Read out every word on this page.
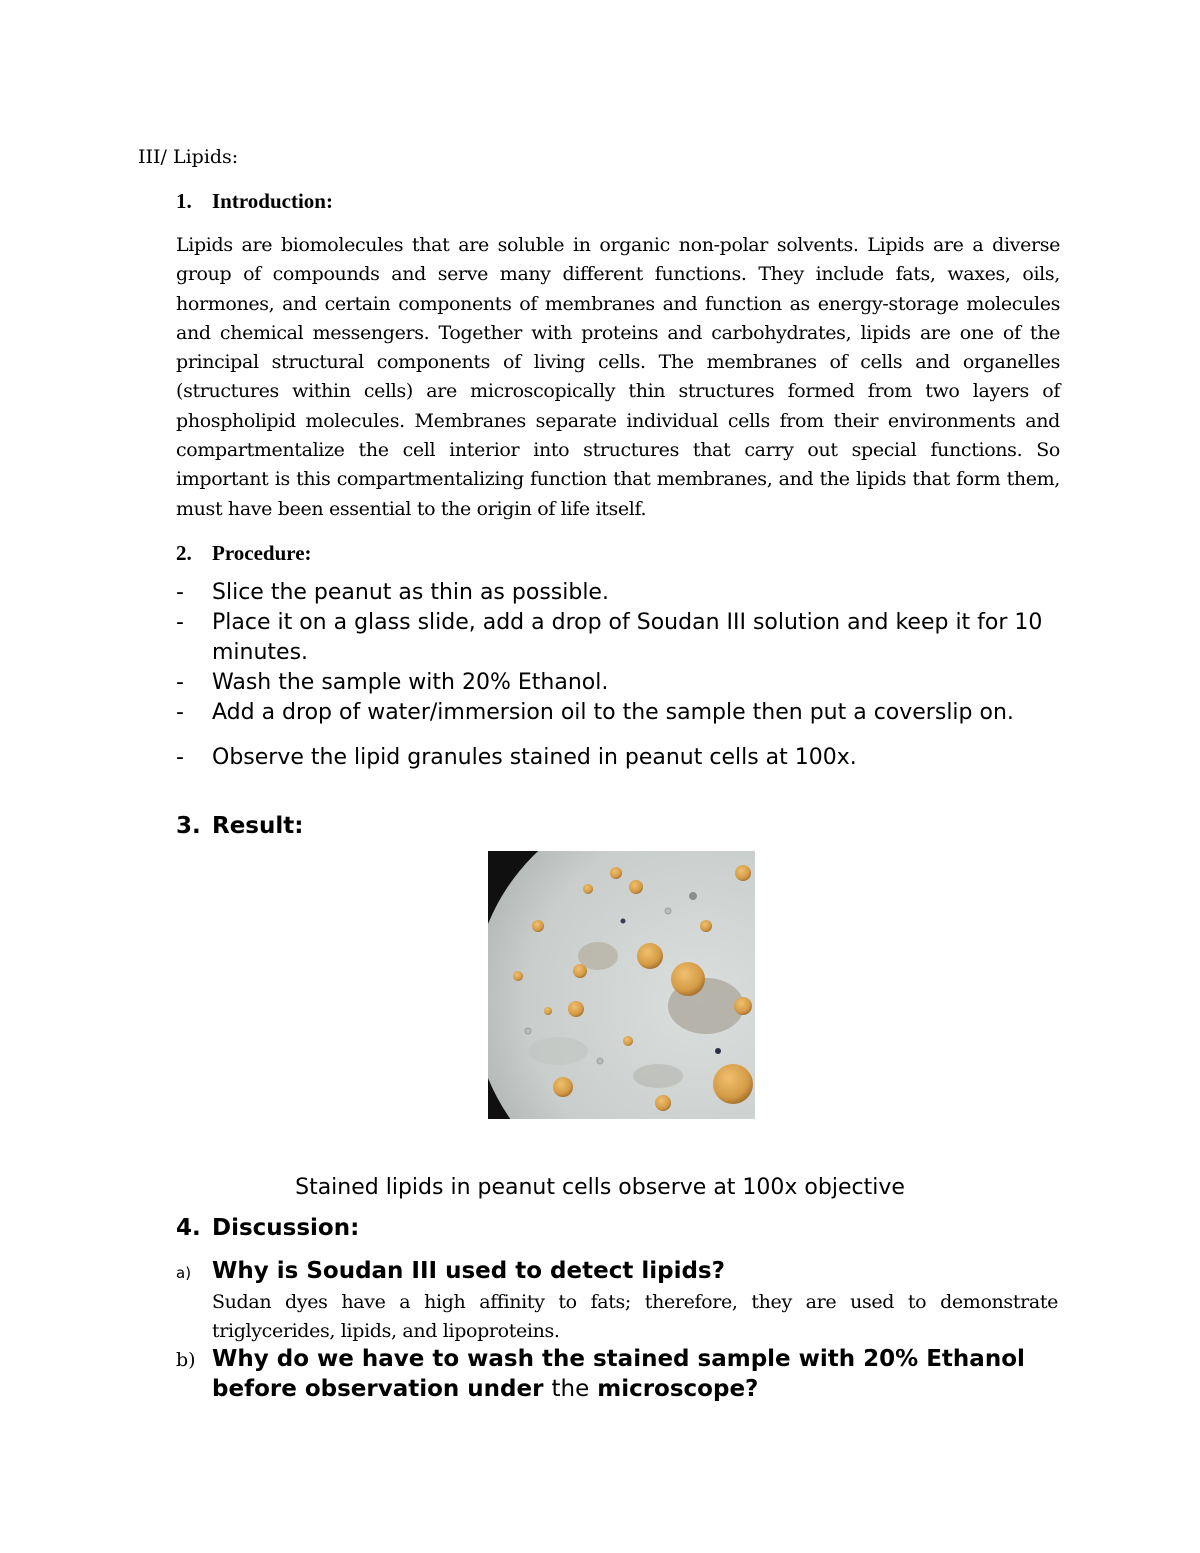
III/ Lipids:
1. Introduction:

Lipids are biomolecules that are soluble in organic non-polar solvents. Lipids are a diverse group of compounds and serve many different functions. They include fats, waxes, oils, hormones, and certain components of membranes and function as energy-storage molecules and chemical messengers. Together with proteins and carbohydrates, lipids are one of the principal structural components of living cells. The membranes of cells and organelles (structures within cells) are microscopically thin structures formed from two layers of phospholipid molecules. Membranes separate individual cells from their environments and compartmentalize the cell interior into structures that carry out special functions. So important is this compartmentalizing function that membranes, and the lipids that form them, must have been essential to the origin of life itself.

2. Procedure:
- Slice the peanut as thin as possible.
- Place it on a glass slide, add a drop of Soudan III solution and keep it for 10 minutes.
- Wash the sample with 20% Ethanol.
- Add a drop of water/immersion oil to the sample then put a coverslip on.
- Observe the lipid granules stained in peanut cells at 100x.
3. Result:
Stained lipids in peanut cells observe at 100x objective
4. Discussion:
a) Why is Soudan III used to detect lipids?

Sudan dyes have a high affinity to fats; therefore, they are used to demonstrate triglycerides, lipids, and lipoproteins.

b) Why do we have to wash the stained sample with 20% Ethanol before observation under the microscope?
